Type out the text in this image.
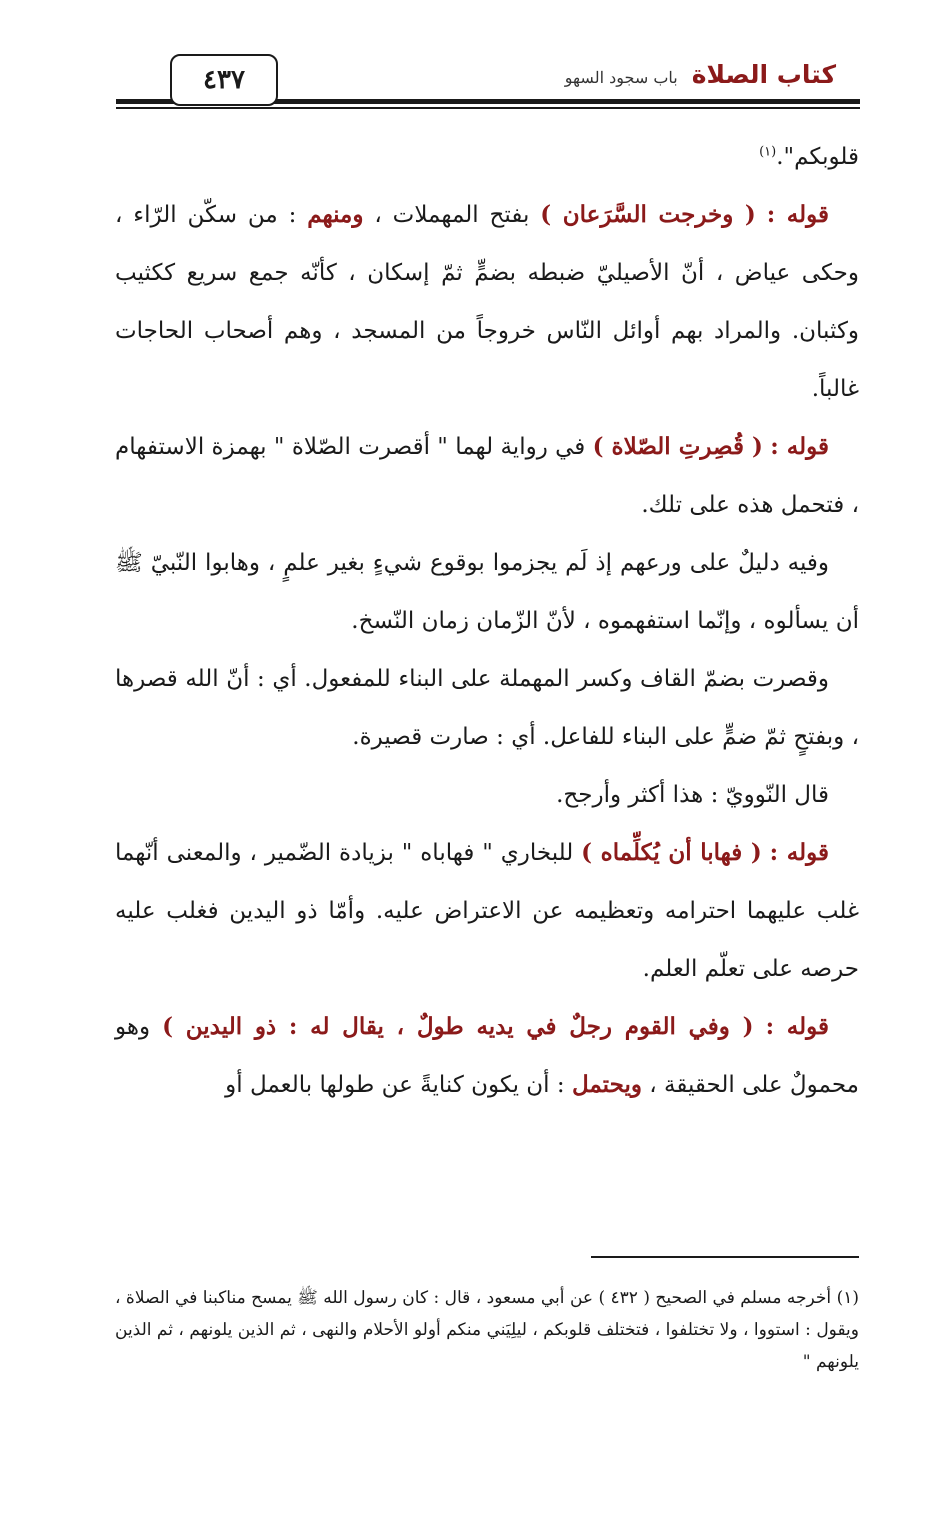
كتاب الصلاة
باب سجود السهو
٤٣٧

قلوبكم".$^{(١)}$

قوله : ( وخرجت السَّرَعان ) بفتح المهملات ، ومنهم : من سكّن الرّاء ، وحكى عياض ، أنّ الأصيليّ ضبطه بضمٍّ ثمّ إسكان ، كأنّه جمع سريع ككثيب وكثبان. والمراد بهم أوائل النّاس خروجاً من المسجد ، وهم أصحاب الحاجات غالباً.

قوله : ( قُصِرتِ الصّلاة ) في رواية لهما " أقصرت الصّلاة " بهمزة الاستفهام ، فتحمل هذه على تلك.

وفيه دليلٌ على ورعهم إذ لَم يجزموا بوقوع شيءٍ بغير علمٍ ، وهابوا النّبيّ ﷺ أن يسألوه ، وإنّما استفهموه ، لأنّ الزّمان زمان النّسخ.

وقصرت بضمّ القاف وكسر المهملة على البناء للمفعول. أي : أنّ الله قصرها ، وبفتحٍ ثمّ ضمٍّ على البناء للفاعل. أي : صارت قصيرة.

قال النّوويّ : هذا أكثر وأرجح.

قوله : ( فهابا أن يُكلِّماه ) للبخاري " فهاباه " بزيادة الضّمير ، والمعنى أنّهما غلب عليهما احترامه وتعظيمه عن الاعتراض عليه. وأمّا ذو اليدين فغلب عليه حرصه على تعلّم العلم.

قوله : ( وفي القوم رجلٌ في يديه طولٌ ، يقال له : ذو اليدين ) وهو محمولٌ على الحقيقة ، ويحتمل : أن يكون كنايةً عن طولها بالعمل أو

(١) أخرجه مسلم في الصحيح ( ٤٣٢ ) عن أبي مسعود ، قال : كان رسول الله ﷺ يمسح مناكبنا في الصلاة ، ويقول : استووا ، ولا تختلفوا ، فتختلف قلوبكم ، ليلِيَني منكم أولو الأحلام والنهى ، ثم الذين يلونهم ، ثم الذين يلونهم "
